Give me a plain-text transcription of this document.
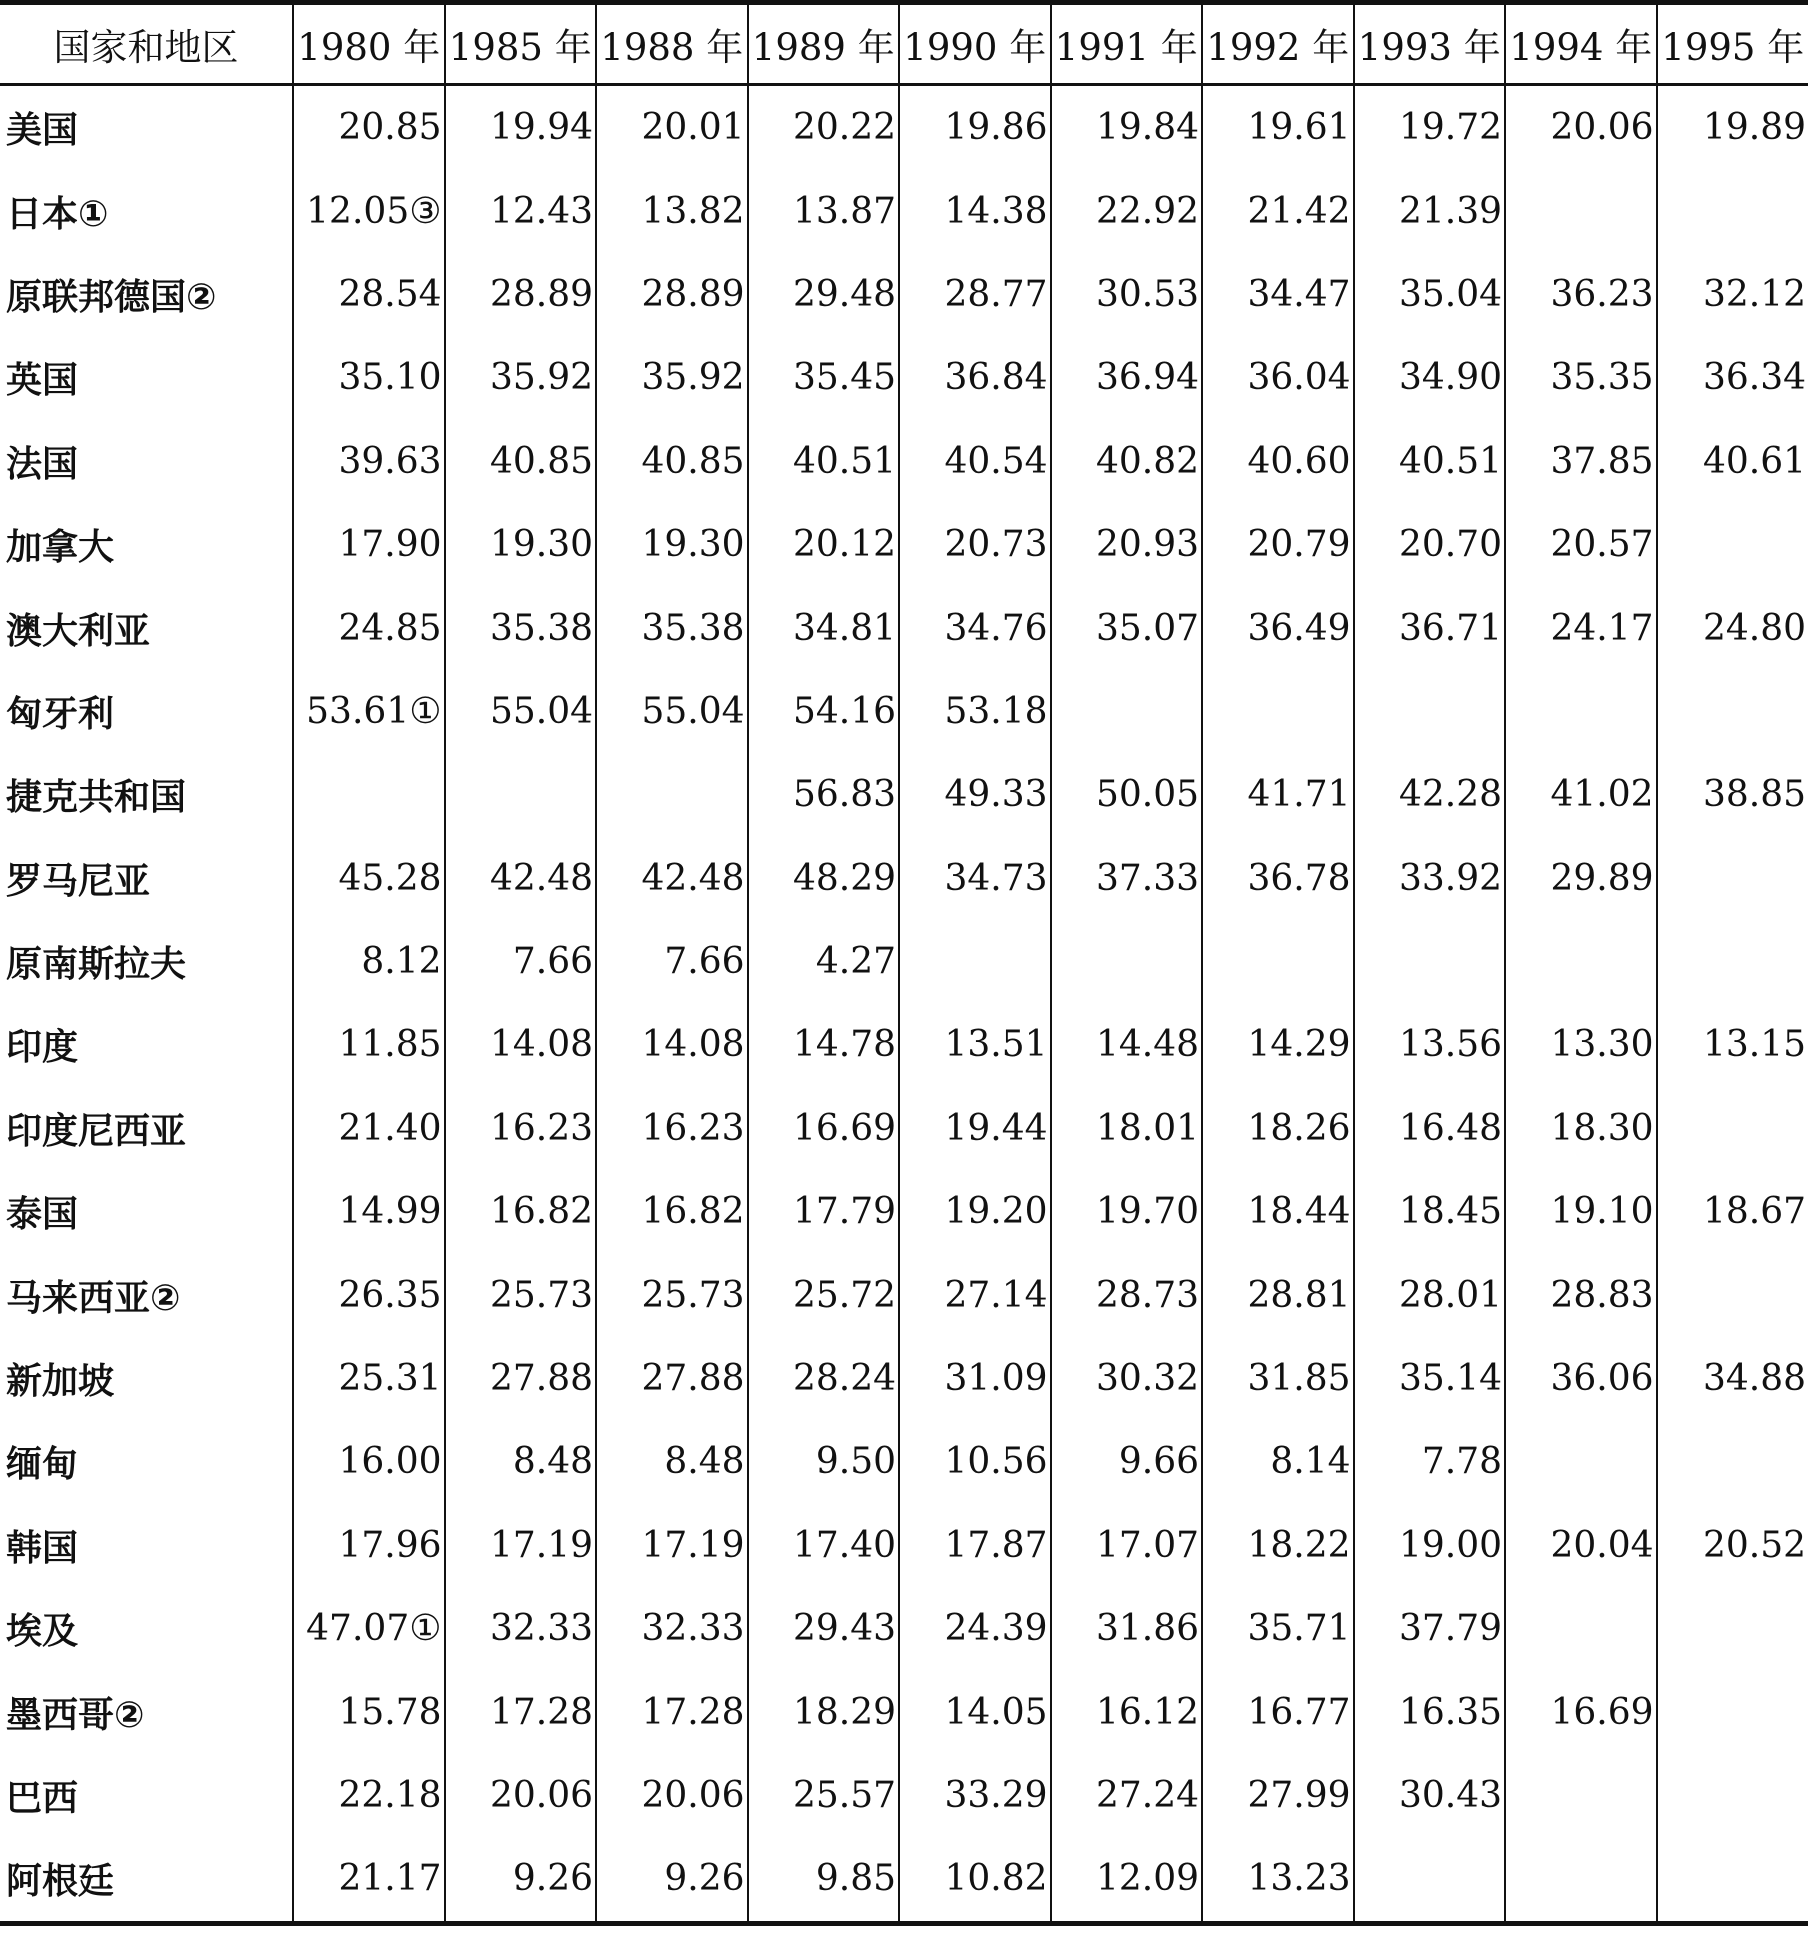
国家和地区	1980 年	1985 年	1988 年	1989 年	1990 年	1991 年	1992 年	1993 年	1994 年	1995 年
美国	20.85	19.94	20.01	20.22	19.86	19.84	19.61	19.72	20.06	19.89
日本①	12.05③	12.43	13.82	13.87	14.38	22.92	21.42	21.39		
原联邦德国②	28.54	28.89	28.89	29.48	28.77	30.53	34.47	35.04	36.23	32.12
英国	35.10	35.92	35.92	35.45	36.84	36.94	36.04	34.90	35.35	36.34
法国	39.63	40.85	40.85	40.51	40.54	40.82	40.60	40.51	37.85	40.61
加拿大	17.90	19.30	19.30	20.12	20.73	20.93	20.79	20.70	20.57	
澳大利亚	24.85	35.38	35.38	34.81	34.76	35.07	36.49	36.71	24.17	24.80
匈牙利	53.61①	55.04	55.04	54.16	53.18					
捷克共和国				56.83	49.33	50.05	41.71	42.28	41.02	38.85
罗马尼亚	45.28	42.48	42.48	48.29	34.73	37.33	36.78	33.92	29.89	
原南斯拉夫	8.12	7.66	7.66	4.27						
印度	11.85	14.08	14.08	14.78	13.51	14.48	14.29	13.56	13.30	13.15
印度尼西亚	21.40	16.23	16.23	16.69	19.44	18.01	18.26	16.48	18.30	
泰国	14.99	16.82	16.82	17.79	19.20	19.70	18.44	18.45	19.10	18.67
马来西亚②	26.35	25.73	25.73	25.72	27.14	28.73	28.81	28.01	28.83	
新加坡	25.31	27.88	27.88	28.24	31.09	30.32	31.85	35.14	36.06	34.88
缅甸	16.00	8.48	8.48	9.50	10.56	9.66	8.14	7.78		
韩国	17.96	17.19	17.19	17.40	17.87	17.07	18.22	19.00	20.04	20.52
埃及	47.07①	32.33	32.33	29.43	24.39	31.86	35.71	37.79		
墨西哥②	15.78	17.28	17.28	18.29	14.05	16.12	16.77	16.35	16.69	
巴西	22.18	20.06	20.06	25.57	33.29	27.24	27.99	30.43		
阿根廷	21.17	9.26	9.26	9.85	10.82	12.09	13.23			
